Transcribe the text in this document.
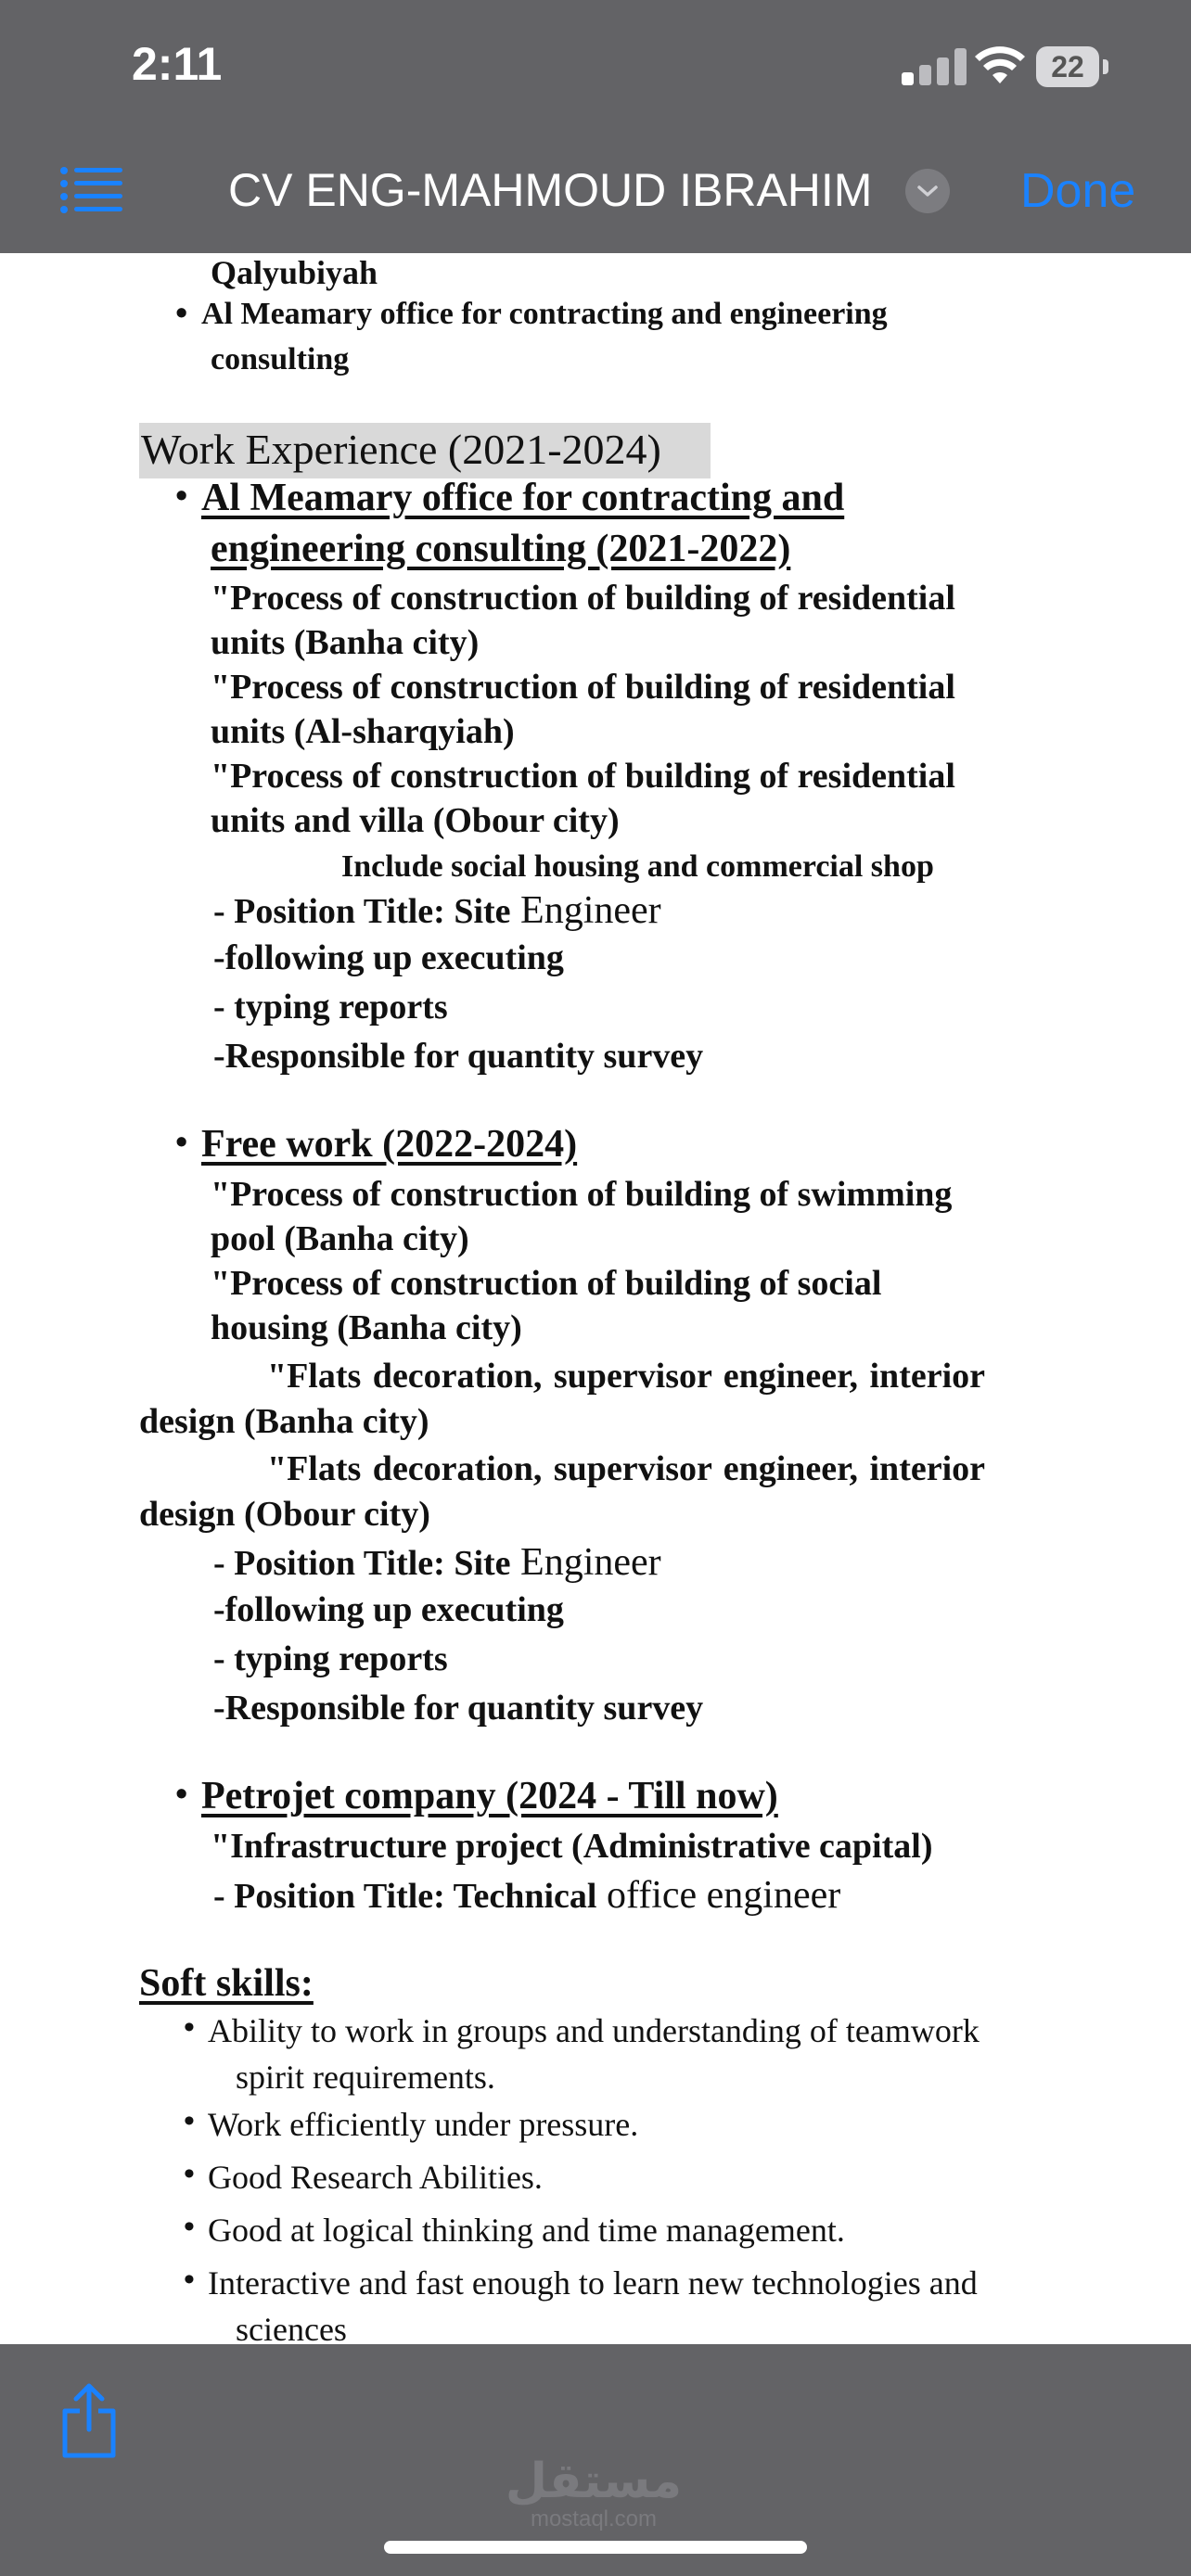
2:11	22
CV ENG-MAHMOUD IBRAHIM	Done
Qalyubiyah
• Al Meamary office for contracting and engineering
consulting
Work Experience (2021-2024)
• Al Meamary office for contracting and
engineering consulting (2021-2022)
"Process of construction of building of residential
units (Banha city)
"Process of construction of building of residential
units (Al-sharqyiah)
"Process of construction of building of residential
units and villa (Obour city)
Include social housing and commercial shop
- Position Title: Site Engineer
-following up executing
- typing reports
-Responsible for quantity survey
• Free work (2022-2024)
"Process of construction of building of swimming
pool (Banha city)
"Process of construction of building of social
housing (Banha city)
"Flats decoration, supervisor engineer, interior
design (Banha city)
"Flats decoration, supervisor engineer, interior
design (Obour city)
- Position Title: Site Engineer
-following up executing
- typing reports
-Responsible for quantity survey
• Petrojet company (2024 - Till now)
"Infrastructure project (Administrative capital)
- Position Title: Technical office engineer
Soft skills:
• Ability to work in groups and understanding of teamwork
spirit requirements.
• Work efficiently under pressure.
• Good Research Abilities.
• Good at logical thinking and time management.
• Interactive and fast enough to learn new technologies and
sciences
مستقل
mostaql.com
